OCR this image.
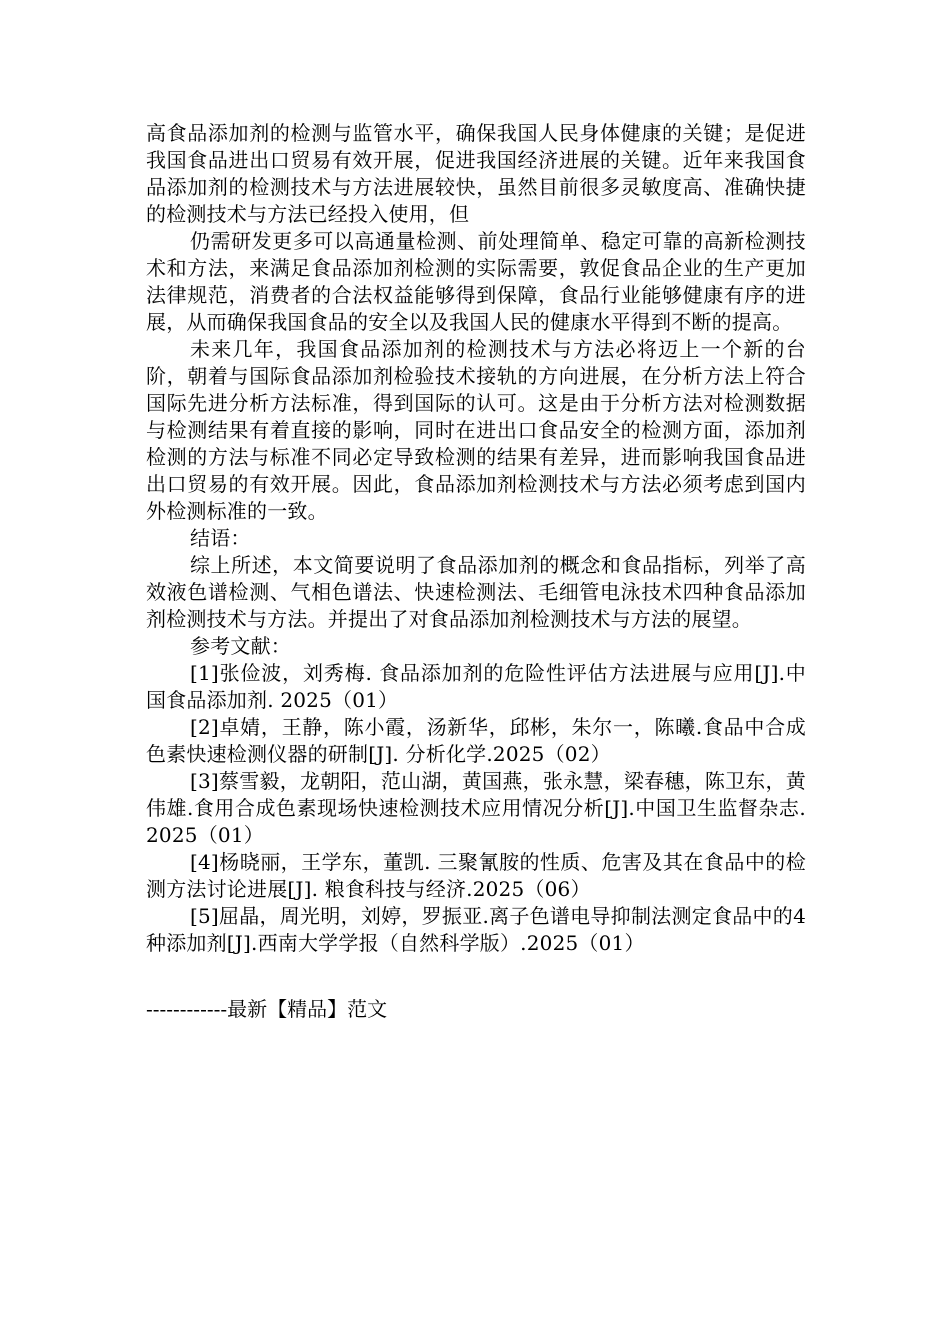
高食品添加剂的检测与监管水平，确保我国人民身体健康的关键；是促进我国食品进出口贸易有效开展，促进我国经济进展的关键。近年来我国食品添加剂的检测技术与方法进展较快，虽然目前很多灵敏度高、准确快捷的检测技术与方法已经投入使用，但

仍需研发更多可以高通量检测、前处理简单、稳定可靠的高新检测技术和方法，来满足食品添加剂检测的实际需要，敦促食品企业的生产更加法律规范，消费者的合法权益能够得到保障，食品行业能够健康有序的进展，从而确保我国食品的安全以及我国人民的健康水平得到不断的提高。

未来几年，我国食品添加剂的检测技术与方法必将迈上一个新的台阶，朝着与国际食品添加剂检验技术接轨的方向进展，在分析方法上符合国际先进分析方法标准，得到国际的认可。这是由于分析方法对检测数据与检测结果有着直接的影响，同时在进出口食品安全的检测方面，添加剂检测的方法与标准不同必定导致检测的结果有差异，进而影响我国食品进出口贸易的有效开展。因此，食品添加剂检测技术与方法必须考虑到国内外检测标准的一致。

结语：

综上所述，本文简要说明了食品添加剂的概念和食品指标，列举了高效液色谱检测、气相色谱法、快速检测法、毛细管电泳技术四种食品添加剂检测技术与方法。并提出了对食品添加剂检测技术与方法的展望。

参考文献：

[1]张俭波，刘秀梅. 食品添加剂的危险性评估方法进展与应用[J].中国食品添加剂. 2025（01）

[2]卓婧，王静，陈小霞，汤新华，邱彬，朱尔一，陈曦.食品中合成色素快速检测仪器的研制[J]. 分析化学.2025（02）

[3]蔡雪毅，龙朝阳，范山湖，黄国燕，张永慧，梁春穗，陈卫东，黄伟雄.食用合成色素现场快速检测技术应用情况分析[J].中国卫生监督杂志.2025（01）

[4]杨晓丽，王学东，董凯. 三聚氰胺的性质、危害及其在食品中的检测方法讨论进展[J]. 粮食科技与经济.2025（06）

[5]屈晶，周光明，刘婷，罗振亚.离子色谱电导抑制法测定食品中的4种添加剂[J].西南大学学报（自然科学版）.2025（01）

------------最新【精品】范文
